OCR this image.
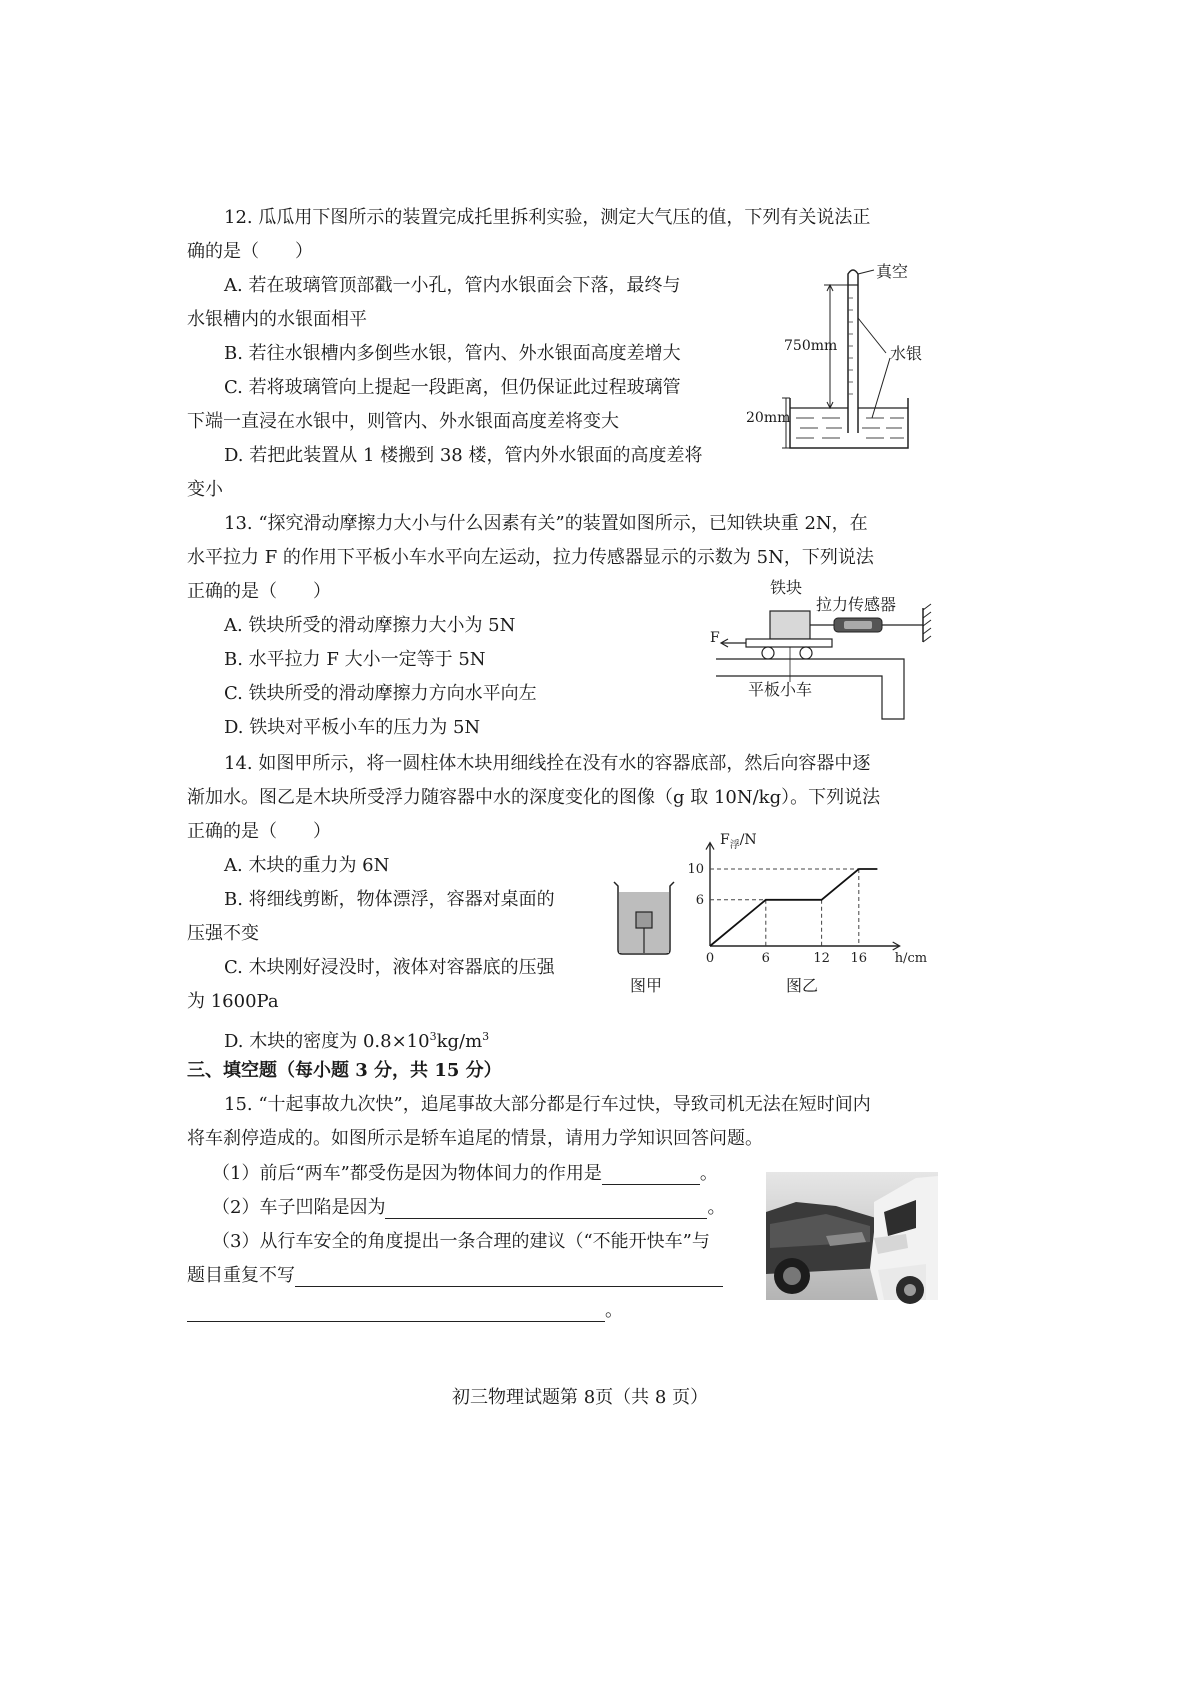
12. 瓜瓜用下图所示的装置完成托里拆利实验，测定大气压的值，下列有关说法正
确的是（　　）
A. 若在玻璃管顶部戳一小孔，管内水银面会下落，最终与
水银槽内的水银面相平
B. 若往水银槽内多倒些水银，管内、外水银面高度差增大
C. 若将玻璃管向上提起一段距离，但仍保证此过程玻璃管
下端一直浸在水银中，则管内、外水银面高度差将变大
D. 若把此装置从 1 楼搬到 38 楼，管内外水银面的高度差将
变小
真空
水银
750mm
20mm
13. “探究滑动摩擦力大小与什么因素有关”的装置如图所示，已知铁块重 2N，在
水平拉力 F 的作用下平板小车水平向左运动，拉力传感器显示的示数为 5N，下列说法
正确的是（　　）
A. 铁块所受的滑动摩擦力大小为 5N
B. 水平拉力 F 大小一定等于 5N
C. 铁块所受的滑动摩擦力方向水平向左
D. 铁块对平板小车的压力为 5N
铁块
拉力传感器
F
平板小车
14. 如图甲所示，将一圆柱体木块用细线拴在没有水的容器底部，然后向容器中逐
渐加水。图乙是木块所受浮力随容器中水的深度变化的图像（g 取 10N/kg）。下列说法
正确的是（　　）
A. 木块的重力为 6N
B. 将细线剪断，物体漂浮，容器对桌面的
压强不变
C. 木块刚好浸没时，液体对容器底的压强
为 1600Pa
D. 木块的密度为 $0.8\times 10^3kg/m^3$
图甲
6	12 16
6
10
0	h/cm
$F_浮/N$
图乙
三、填空题（每小题 3 分，共 15 分）
15. “十起事故九次快”，追尾事故大部分都是行车过快，导致司机无法在短时间内
将车刹停造成的。如图所示是轿车追尾的情景，请用力学知识回答问题。
（1）前后“两车”都受伤是因为物体间力的作用是	。
（2）车子凹陷是因为	。
（3）从行车安全的角度提出一条合理的建议（“不能开快车”与
题目重复不写
。
初三物理试题第 8页（共 8 页）
